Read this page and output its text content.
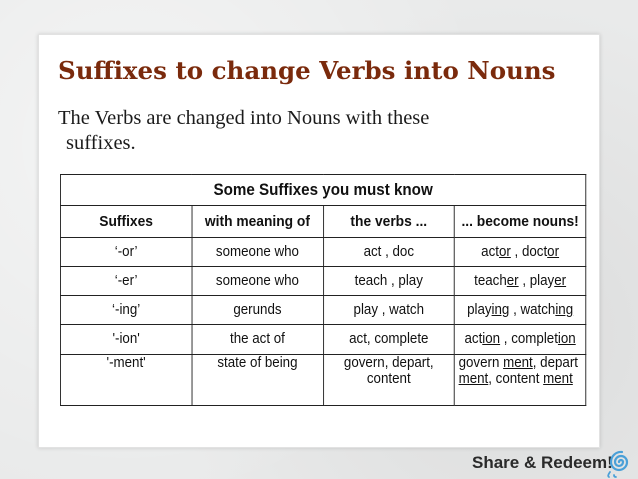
Suffixes to change Verbs into Nouns
The Verbs are changed into Nouns with these
suffixes.
Some Suffixes you must know			
Suffixes	with meaning of	the verbs ...	... become nouns!
‘-or’	someone who	act , doc	actor , doctor
‘-er’	someone who	teach , play	teacher , player
‘-ing’	gerunds	play , watch	playing , watching
'-ion'	the act of	act, complete	action , completion
'-ment'	state of being	govern, depart, content	govern ment, depart ment, content ment
Share & Redeem!
